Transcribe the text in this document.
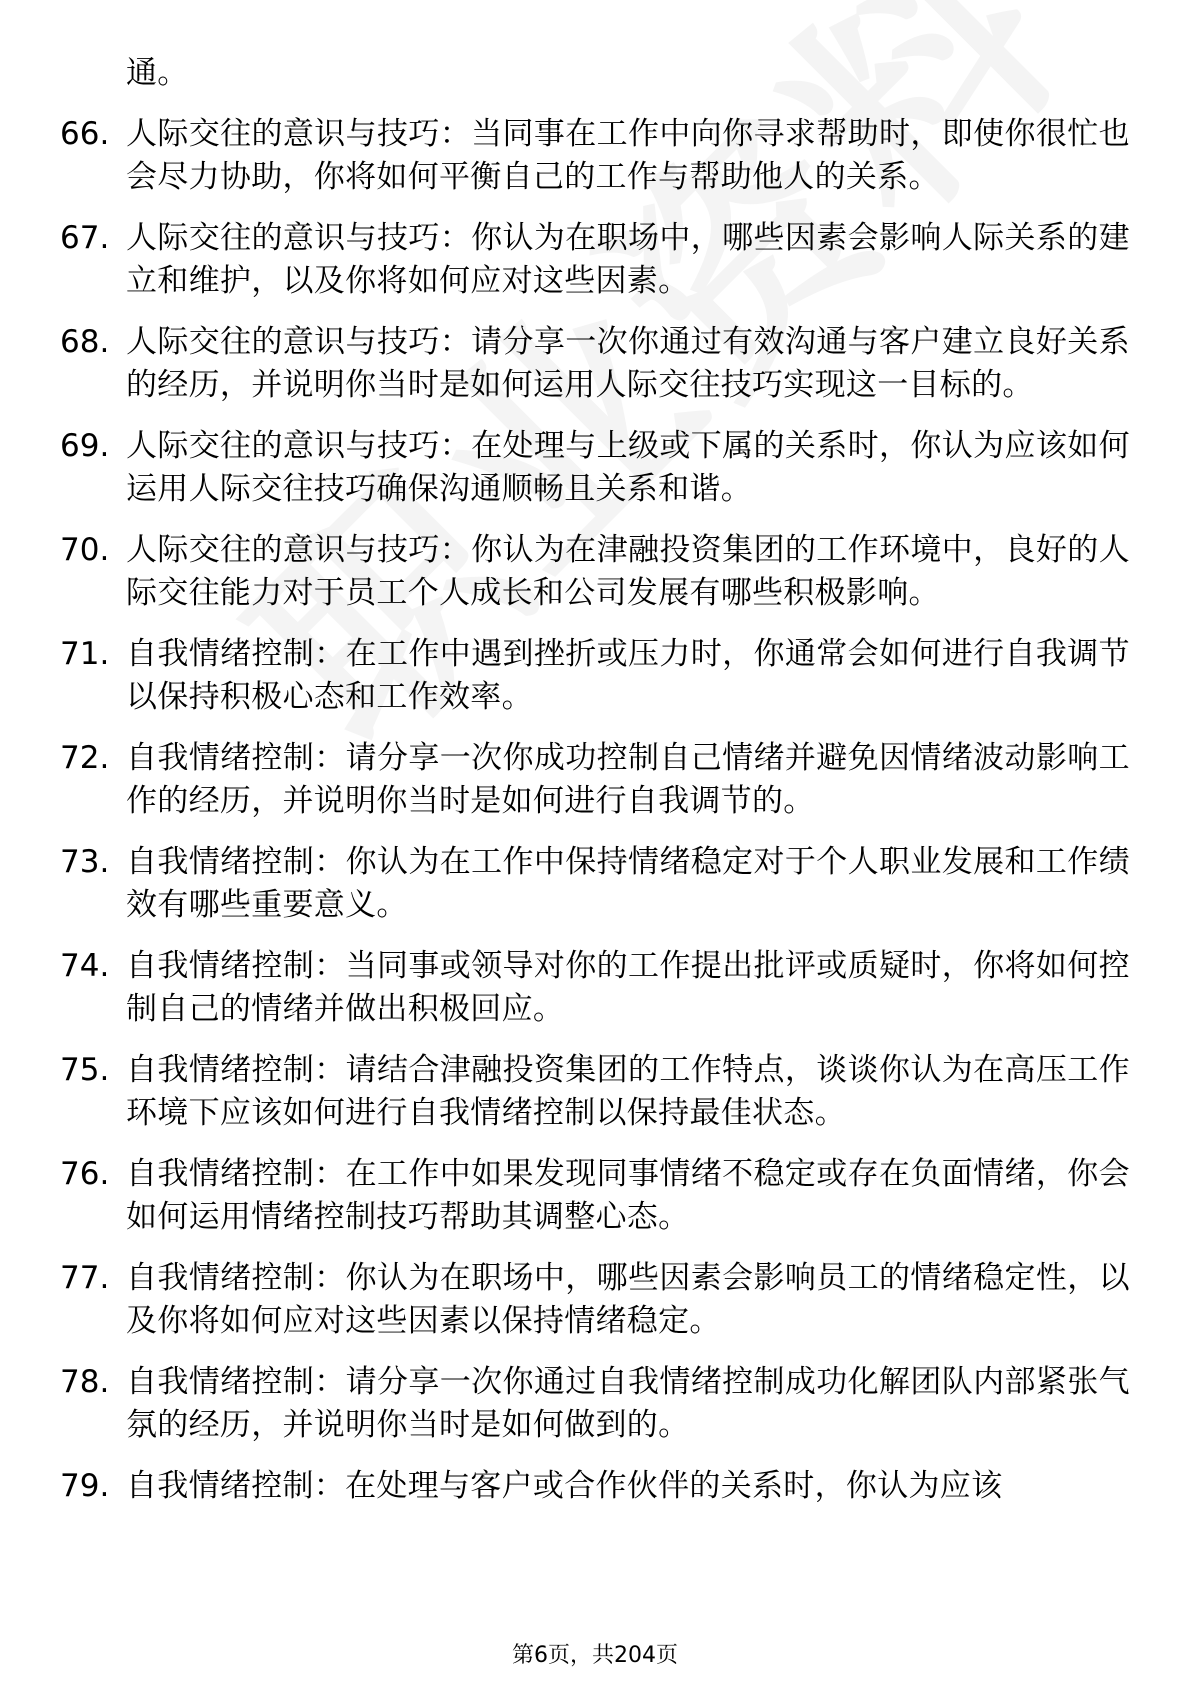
通。
66. 人际交往的意识与技巧：当同事在工作中向你寻求帮助时，即使你很忙也会尽力协助，你将如何平衡自己的工作与帮助他人的关系。
67. 人际交往的意识与技巧：你认为在职场中，哪些因素会影响人际关系的建立和维护，以及你将如何应对这些因素。
68. 人际交往的意识与技巧：请分享一次你通过有效沟通与客户建立良好关系的经历，并说明你当时是如何运用人际交往技巧实现这一目标的。
69. 人际交往的意识与技巧：在处理与上级或下属的关系时，你认为应该如何运用人际交往技巧确保沟通顺畅且关系和谐。
70. 人际交往的意识与技巧：你认为在津融投资集团的工作环境中，良好的人际交往能力对于员工个人成长和公司发展有哪些积极影响。
71. 自我情绪控制：在工作中遇到挫折或压力时，你通常会如何进行自我调节以保持积极心态和工作效率。
72. 自我情绪控制：请分享一次你成功控制自己情绪并避免因情绪波动影响工作的经历，并说明你当时是如何进行自我调节的。
73. 自我情绪控制：你认为在工作中保持情绪稳定对于个人职业发展和工作绩效有哪些重要意义。
74. 自我情绪控制：当同事或领导对你的工作提出批评或质疑时，你将如何控制自己的情绪并做出积极回应。
75. 自我情绪控制：请结合津融投资集团的工作特点，谈谈你认为在高压工作环境下应该如何进行自我情绪控制以保持最佳状态。
76. 自我情绪控制：在工作中如果发现同事情绪不稳定或存在负面情绪，你会如何运用情绪控制技巧帮助其调整心态。
77. 自我情绪控制：你认为在职场中，哪些因素会影响员工的情绪稳定性，以及你将如何应对这些因素以保持情绪稳定。
78. 自我情绪控制：请分享一次你通过自我情绪控制成功化解团队内部紧张气氛的经历，并说明你当时是如何做到的。
79. 自我情绪控制：在处理与客户或合作伙伴的关系时，你认为应该
第6页，共204页
